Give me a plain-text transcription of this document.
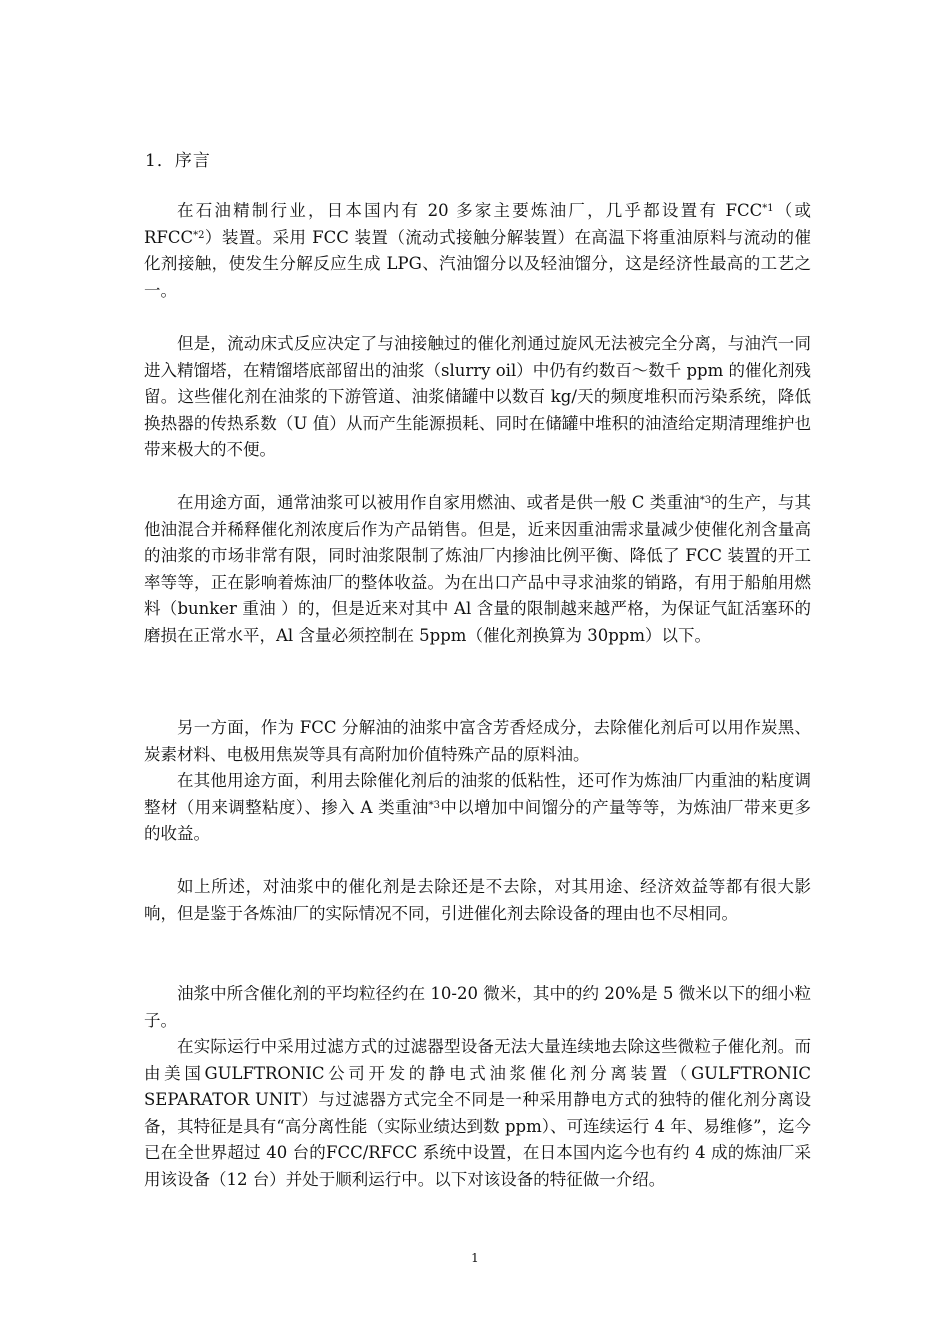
1．序言

在石油精制行业，日本国内有 20 多家主要炼油厂，几乎都设置有 FCC$^{*1}$（或 RFCC$^{*2}$）装置。采用 FCC 装置（流动式接触分解装置）在高温下将重油原料与流动的催化剂接触，使发生分解反应生成 LPG、汽油馏分以及轻油馏分，这是经济性最高的工艺之一。

但是，流动床式反应决定了与油接触过的催化剂通过旋风无法被完全分离，与油汽一同进入精馏塔，在精馏塔底部留出的油浆（slurry oil）中仍有约数百～数千 ppm 的催化剂残留。这些催化剂在油浆的下游管道、油浆储罐中以数百 kg/天的频度堆积而污染系统，降低换热器的传热系数（U 值）从而产生能源损耗、同时在储罐中堆积的油渣给定期清理维护也带来极大的不便。

在用途方面，通常油浆可以被用作自家用燃油、或者是供一般 C 类重油$^{*3}$的生产，与其他油混合并稀释催化剂浓度后作为产品销售。但是，近来因重油需求量减少使催化剂含量高的油浆的市场非常有限，同时油浆限制了炼油厂内掺油比例平衡、降低了 FCC 装置的开工率等等，正在影响着炼油厂的整体收益。为在出口产品中寻求油浆的销路，有用于船舶用燃料（bunker 重油 ）的，但是近来对其中 Al 含量的限制越来越严格，为保证气缸活塞环的磨损在正常水平，Al 含量必须控制在 5ppm（催化剂换算为 30ppm）以下。

另一方面，作为 FCC 分解油的油浆中富含芳香烃成分，去除催化剂后可以用作炭黑、炭素材料、电极用焦炭等具有高附加价值特殊产品的原料油。

在其他用途方面，利用去除催化剂后的油浆的低粘性，还可作为炼油厂内重油的粘度调整材（用来调整粘度）、掺入 A 类重油$^{*3}$中以增加中间馏分的产量等等，为炼油厂带来更多的收益。

如上所述，对油浆中的催化剂是去除还是不去除，对其用途、经济效益等都有很大影响，但是鉴于各炼油厂的实际情况不同，引进催化剂去除设备的理由也不尽相同。

油浆中所含催化剂的平均粒径约在 10-20 微米，其中的约 20%是 5 微米以下的细小粒子。

在实际运行中采用过滤方式的过滤器型设备无法大量连续地去除这些微粒子催化剂。而由美国GULFTRONIC公司开发的静电式油浆催化剂分离装置（GULFTRONIC SEPARATOR UNIT）与过滤器方式完全不同是一种采用静电方式的独特的催化剂分离设备，其特征是具有“高分离性能（实际业绩达到数 ppm）、可连续运行 4 年、易维修”，迄今已在全世界超过 40 台的FCC/RFCC 系统中设置，在日本国内迄今也有约 4 成的炼油厂采用该设备（12 台）并处于顺利运行中。以下对该设备的特征做一介绍。

1
